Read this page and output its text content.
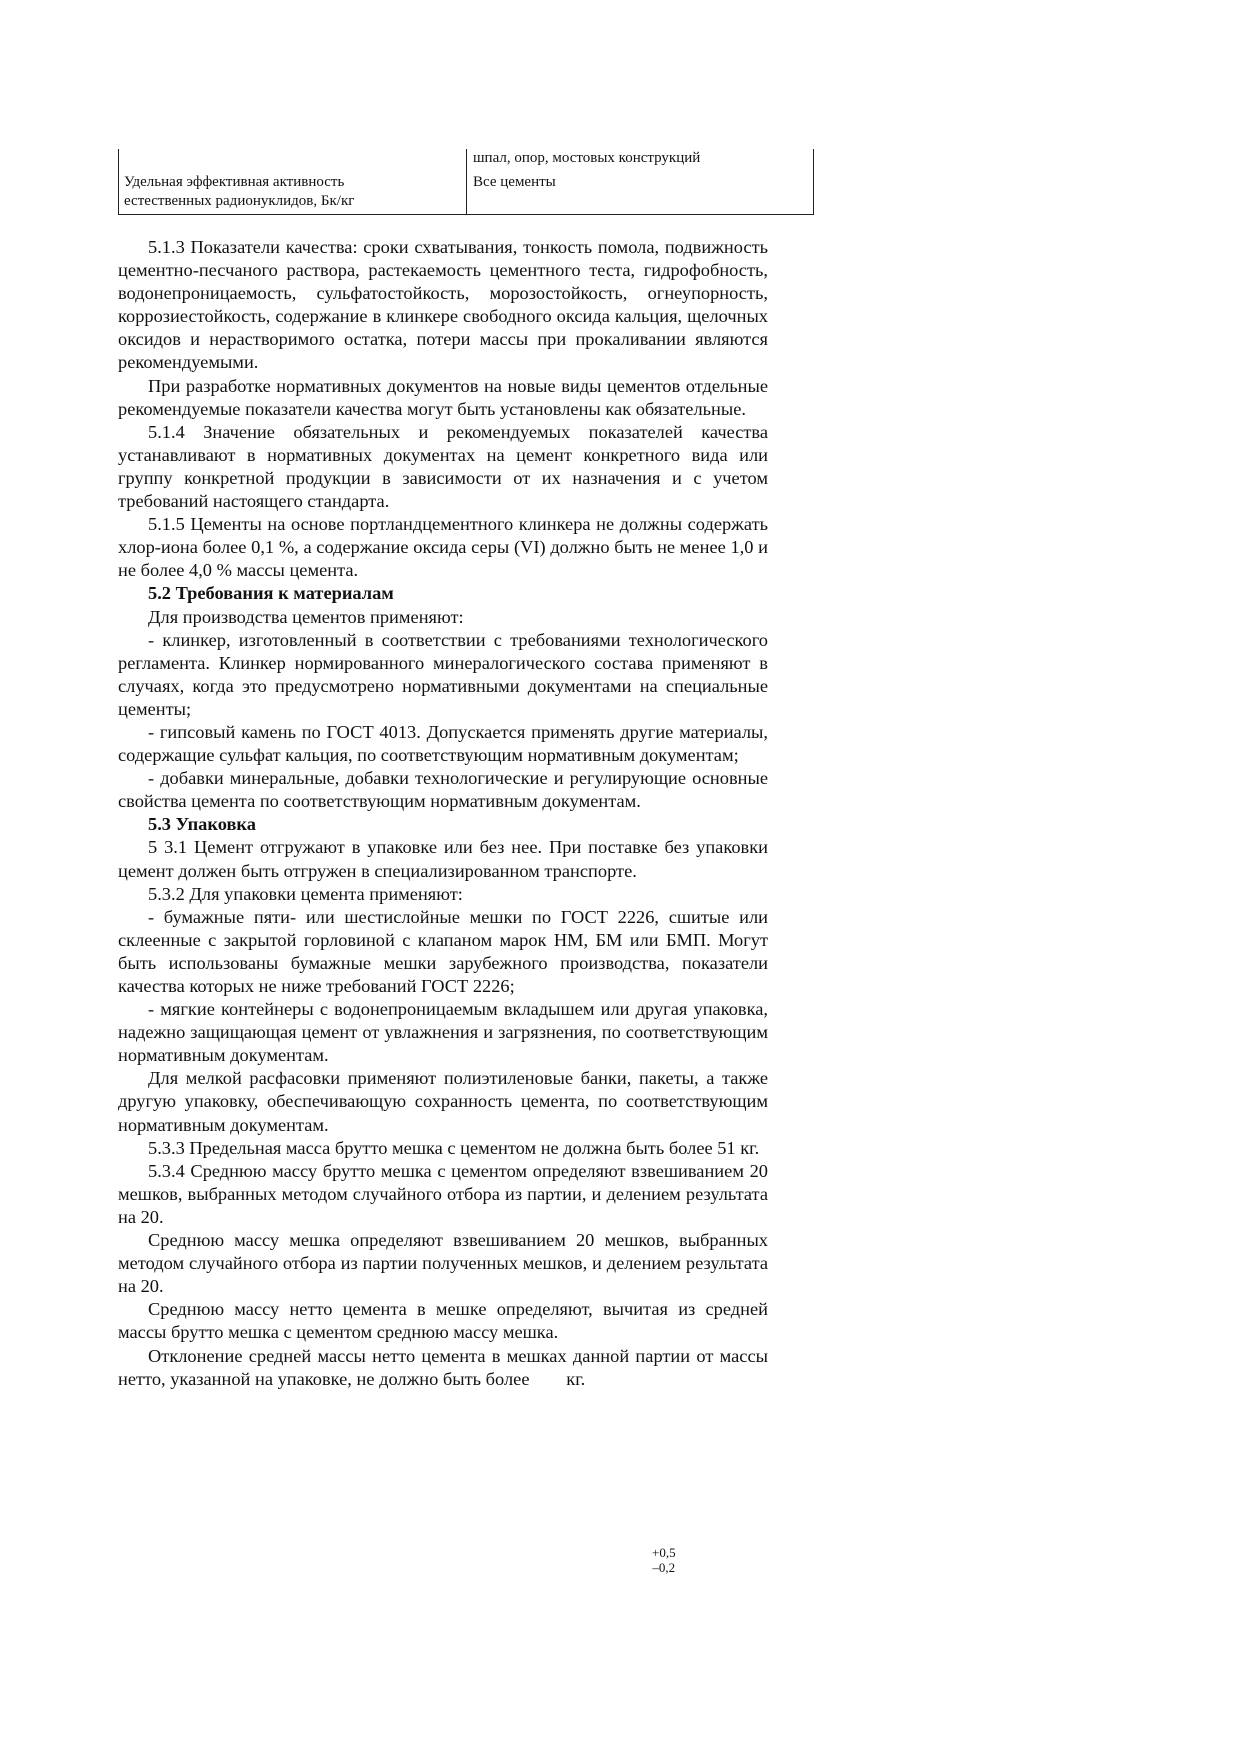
шпал, опор, мостовых конструкций
Удельная эффективная активность
естественных радионуклидов, Бк/кг
Все цементы

5.1.3 Показатели качества: сроки схватывания, тонкость помола, подвижность цементно-песчаного раствора, растекаемость цементного теста, гидрофобность, водонепроницаемость, сульфатостойкость, морозостойкость, огнеупорность, коррозиестойкость, содержание в клинкере свободного оксида кальция, щелочных оксидов и нерастворимого остатка, потери массы при прокаливании являются рекомендуемыми.

При разработке нормативных документов на новые виды цементов отдельные рекомендуемые показатели качества могут быть установлены как обязательные.

5.1.4 Значение обязательных и рекомендуемых показателей качества устанавливают в нормативных документах на цемент конкретного вида или группу конкретной продукции в зависимости от их назначения и с учетом требований настоящего стандарта.

5.1.5 Цементы на основе портландцементного клинкера не должны содержать хлор-иона более 0,1 %, а содержание оксида серы (VI) должно быть не менее 1,0 и не более 4,0 % массы цемента.

5.2 Требования к материалам

Для производства цементов применяют:

- клинкер, изготовленный в соответствии с требованиями технологического регламента. Клинкер нормированного минералогического состава применяют в случаях, когда это предусмотрено нормативными документами на специальные цементы;

- гипсовый камень по ГОСТ 4013. Допускается применять другие материалы, содержащие сульфат кальция, по соответствующим нормативным документам;

- добавки минеральные, добавки технологические и регулирующие основные свойства цемента по соответствующим нормативным документам.

5.3 Упаковка

5 3.1 Цемент отгружают в упаковке или без нее. При поставке без упаковки цемент должен быть отгружен в специализированном транспорте.

5.3.2 Для упаковки цемента применяют:

- бумажные пяти- или шестислойные мешки по ГОСТ 2226, сшитые или склеенные с закрытой горловиной с клапаном марок НМ, БМ или БМП. Могут быть использованы бумажные мешки зарубежного производства, показатели качества которых не ниже требований ГОСТ 2226;

- мягкие контейнеры с водонепроницаемым вкладышем или другая упаковка, надежно защищающая цемент от увлажнения и загрязнения, по соответствующим нормативным документам.

Для мелкой расфасовки применяют полиэтиленовые банки, пакеты, а также другую упаковку, обеспечивающую сохранность цемента, по соответствующим нормативным документам.

5.3.3 Предельная масса брутто мешка с цементом не должна быть более 51 кг.

5.3.4 Среднюю массу брутто мешка с цементом определяют взвешиванием 20 мешков, выбранных методом случайного отбора из партии, и делением результата на 20.

Среднюю массу мешка определяют взвешиванием 20 мешков, выбранных методом случайного отбора из партии полученных мешков, и делением результата на 20.

Среднюю массу нетто цемента в мешке определяют, вычитая из средней массы брутто мешка с цементом среднюю массу мешка.

Отклонение средней массы нетто цемента в мешках данной партии от массы нетто, указанной на упаковке, не должно быть более        кг.

+0,5
–0,2
